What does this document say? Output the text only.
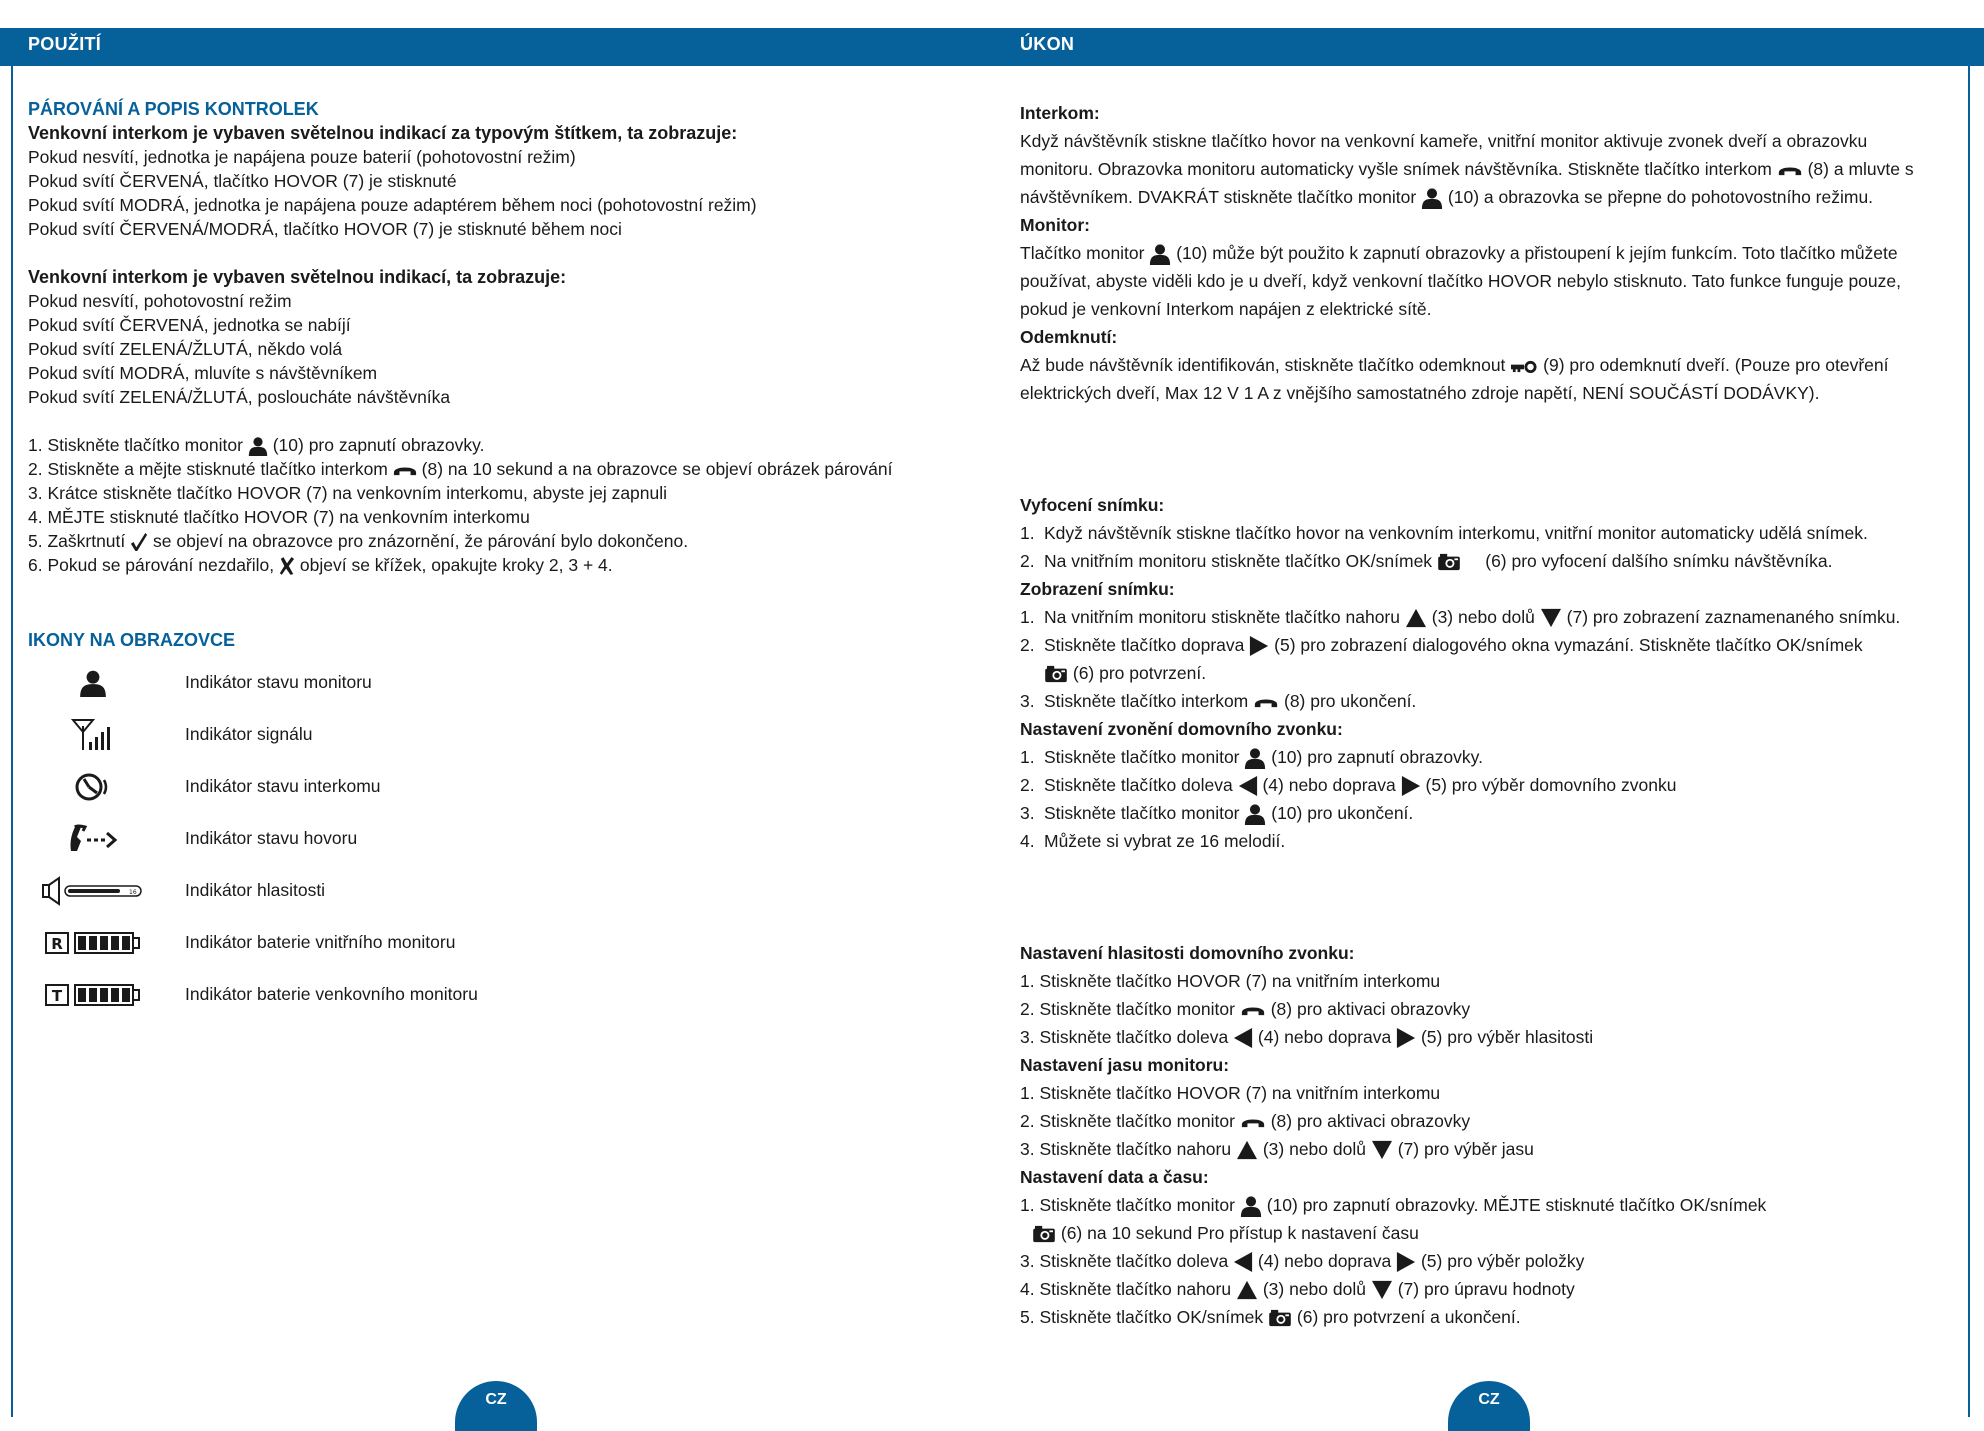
POUŽITÍ	ÚKON
PÁROVÁNÍ A POPIS KONTROLEK
Venkovní interkom je vybaven světelnou indikací za typovým štítkem, ta zobrazuje:
Pokud nesvítí, jednotka je napájena pouze baterií (pohotovostní režim)
Pokud svítí ČERVENÁ, tlačítko HOVOR (7) je stisknuté
Pokud svítí MODRÁ, jednotka je napájena pouze adaptérem během noci (pohotovostní režim)
Pokud svítí ČERVENÁ/MODRÁ, tlačítko HOVOR (7) je stisknuté během noci
Venkovní interkom je vybaven světelnou indikací, ta zobrazuje:
Pokud nesvítí, pohotovostní režim
Pokud svítí ČERVENÁ, jednotka se nabíjí
Pokud svítí ZELENÁ/ŽLUTÁ, někdo volá
Pokud svítí MODRÁ, mluvíte s návštěvníkem
Pokud svítí ZELENÁ/ŽLUTÁ, posloucháte návštěvníka
1. Stiskněte tlačítko monitor (10) pro zapnutí obrazovky.
2. Stiskněte a mějte stisknuté tlačítko interkom (8) na 10 sekund a na obrazovce se objeví obrázek párování
3. Krátce stiskněte tlačítko HOVOR (7) na venkovním interkomu, abyste jej zapnuli
4. MĚJTE stisknuté tlačítko HOVOR (7) na venkovním interkomu
5. Zaškrtnutí se objeví na obrazovce pro znázornění, že párování bylo dokončeno.
6. Pokud se párování nezdařilo, objeví se křížek, opakujte kroky 2, 3 + 4.
IKONY NA OBRAZOVCE
Indikátor stavu monitoru
Indikátor signálu
Indikátor stavu interkomu
Indikátor stavu hovoru
16	Indikátor hlasitosti
R	Indikátor baterie vnitřního monitoru
T	Indikátor baterie venkovního monitoru
Interkom:
Když návštěvník stiskne tlačítko hovor na venkovní kameře, vnitřní monitor aktivuje zvonek dveří a obrazovku
monitoru. Obrazovka monitoru automaticky vyšle snímek návštěvníka. Stiskněte tlačítko interkom (8) a mluvte s
návštěvníkem. DVAKRÁT stiskněte tlačítko monitor (10) a obrazovka se přepne do pohotovostního režimu.
Monitor:
Tlačítko monitor (10) může být použito k zapnutí obrazovky a přistoupení k jejím funkcím. Toto tlačítko můžete
používat, abyste viděli kdo je u dveří, když venkovní tlačítko HOVOR nebylo stisknuto. Tato funkce funguje pouze,
pokud je venkovní Interkom napájen z elektrické sítě.
Odemknutí:
Až bude návštěvník identifikován, stiskněte tlačítko odemknout (9) pro odemknutí dveří. (Pouze pro otevření
elektrických dveří, Max 12 V 1 A z vnějšího samostatného zdroje napětí, NENÍ SOUČÁSTÍ DODÁVKY).
Vyfocení snímku:
1. Když návštěvník stiskne tlačítko hovor na venkovním interkomu, vnitřní monitor automaticky udělá snímek.
2. Na vnitřním monitoru stiskněte tlačítko OK/snímek	(6) pro vyfocení dalšího snímku návštěvníka.
Zobrazení snímku:
1. Na vnitřním monitoru stiskněte tlačítko nahoru (3) nebo dolů (7) pro zobrazení zaznamenaného snímku.
2. Stiskněte tlačítko doprava (5) pro zobrazení dialogového okna vymazání. Stiskněte tlačítko OK/snímek
(6) pro potvrzení.
3. Stiskněte tlačítko interkom (8) pro ukončení.
Nastavení zvonění domovního zvonku:
1. Stiskněte tlačítko monitor (10) pro zapnutí obrazovky.
2. Stiskněte tlačítko doleva (4) nebo doprava (5) pro výběr domovního zvonku
3. Stiskněte tlačítko monitor (10) pro ukončení.
4. Můžete si vybrat ze 16 melodií.
Nastavení hlasitosti domovního zvonku:
1. Stiskněte tlačítko HOVOR (7) na vnitřním interkomu
2. Stiskněte tlačítko monitor (8) pro aktivaci obrazovky
3. Stiskněte tlačítko doleva (4) nebo doprava (5) pro výběr hlasitosti
Nastavení jasu monitoru:
1. Stiskněte tlačítko HOVOR (7) na vnitřním interkomu
2. Stiskněte tlačítko monitor (8) pro aktivaci obrazovky
3. Stiskněte tlačítko nahoru (3) nebo dolů (7) pro výběr jasu
Nastavení data a času:
1. Stiskněte tlačítko monitor (10) pro zapnutí obrazovky. MĚJTE stisknuté tlačítko OK/snímek
(6) na 10 sekund Pro přístup k nastavení času
3. Stiskněte tlačítko doleva (4) nebo doprava (5) pro výběr položky
4. Stiskněte tlačítko nahoru (3) nebo dolů (7) pro úpravu hodnoty
5. Stiskněte tlačítko OK/snímek (6) pro potvrzení a ukončení.
CZ	CZ
